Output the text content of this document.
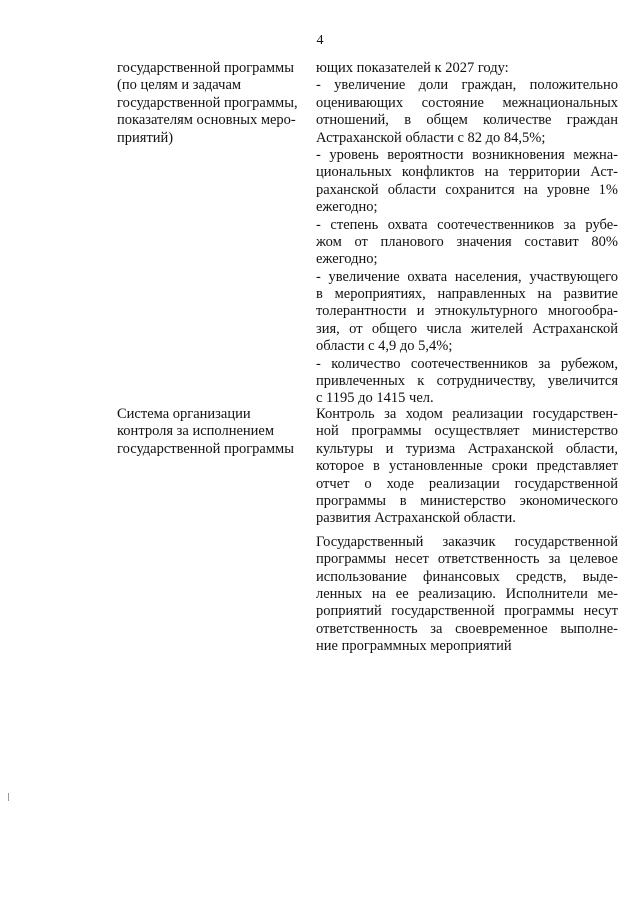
4
государственной программы
(по целям и задачам
государственной программы,
показателям основных меро-
приятий)
ющих показателей к 2027 году:
- увеличение доли граждан, положительно
оценивающих состояние межнациональных
отношений, в общем количестве граждан
Астраханской области с 82 до 84,5%;
- уровень вероятности возникновения межна-
циональных конфликтов на территории Аст-
раханской области сохранится на уровне 1%
ежегодно;
- степень охвата соотечественников за рубе-
жом от планового значения составит 80%
ежегодно;
- увеличение охвата населения, участвующего
в мероприятиях, направленных на развитие
толерантности и этнокультурного многообра-
зия, от общего числа жителей Астраханской
области с 4,9 до 5,4%;
- количество соотечественников за рубежом,
привлеченных к сотрудничеству, увеличится
с 1195 до 1415 чел.
Система организации
контроля за исполнением
государственной программы
Контроль за ходом реализации государствен-
ной программы осуществляет министерство
культуры и туризма Астраханской области,
которое в установленные сроки представляет
отчет о ходе реализации государственной
программы в министерство экономического
развития Астраханской области.
Государственный заказчик государственной
программы несет ответственность за целевое
использование финансовых средств, выде-
ленных на ее реализацию. Исполнители ме-
роприятий государственной программы несут
ответственность за своевременное выполне-
ние программных мероприятий
